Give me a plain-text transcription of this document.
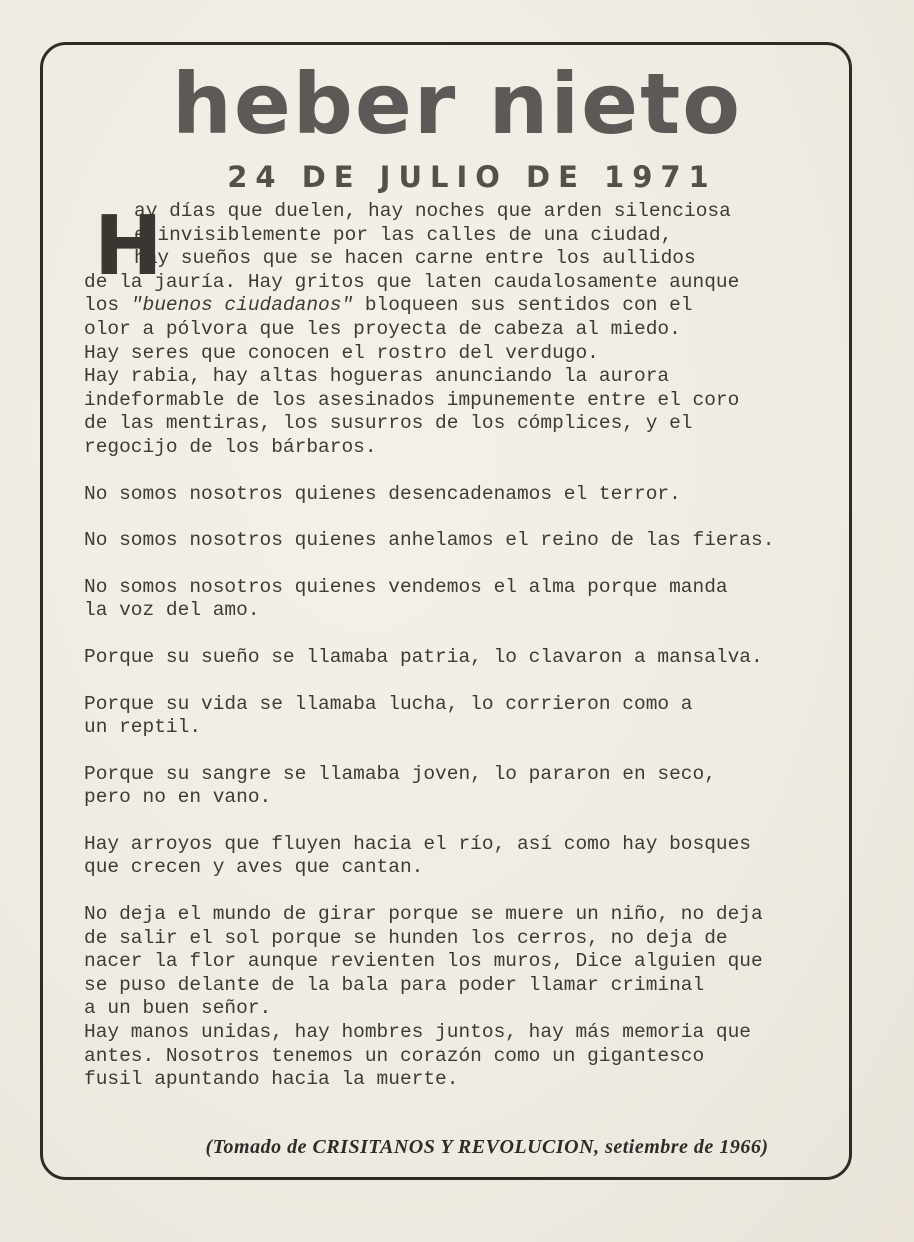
heber nieto
24 DE JULIO DE 1971
H
ay días que duelen, hay noches que arden silenciosa
e invisiblemente por las calles de una ciudad,
hay sueños que se hacen carne entre los aullidos
de la jauría. Hay gritos que laten caudalosamente aunque
los "buenos ciudadanos" bloqueen sus sentidos con el
olor a pólvora que les proyecta de cabeza al miedo.
Hay seres que conocen el rostro del verdugo.
Hay rabia, hay altas hogueras anunciando la aurora
indeformable de los asesinados impunemente entre el coro
de las mentiras, los susurros de los cómplices, y el
regocijo de los bárbaros.
No somos nosotros quienes desencadenamos el terror.
No somos nosotros quienes anhelamos el reino de las fieras.
No somos nosotros quienes vendemos el alma porque manda
la voz del amo.
Porque su sueño se llamaba patria, lo clavaron a mansalva.
Porque su vida se llamaba lucha, lo corrieron como a
un reptil.
Porque su sangre se llamaba joven, lo pararon en seco,
pero no en vano.
Hay arroyos que fluyen hacia el río, así como hay bosques
que crecen y aves que cantan.
No deja el mundo de girar porque se muere un niño, no deja
de salir el sol porque se hunden los cerros, no deja de
nacer la flor aunque revienten los muros, Dice alguien que
se puso delante de la bala para poder llamar criminal
a un buen señor.
Hay manos unidas, hay hombres juntos, hay más memoria que
antes. Nosotros tenemos un corazón como un gigantesco
fusil apuntando hacia la muerte.
(Tomado de CRISITANOS Y REVOLUCION, setiembre de 1966)
